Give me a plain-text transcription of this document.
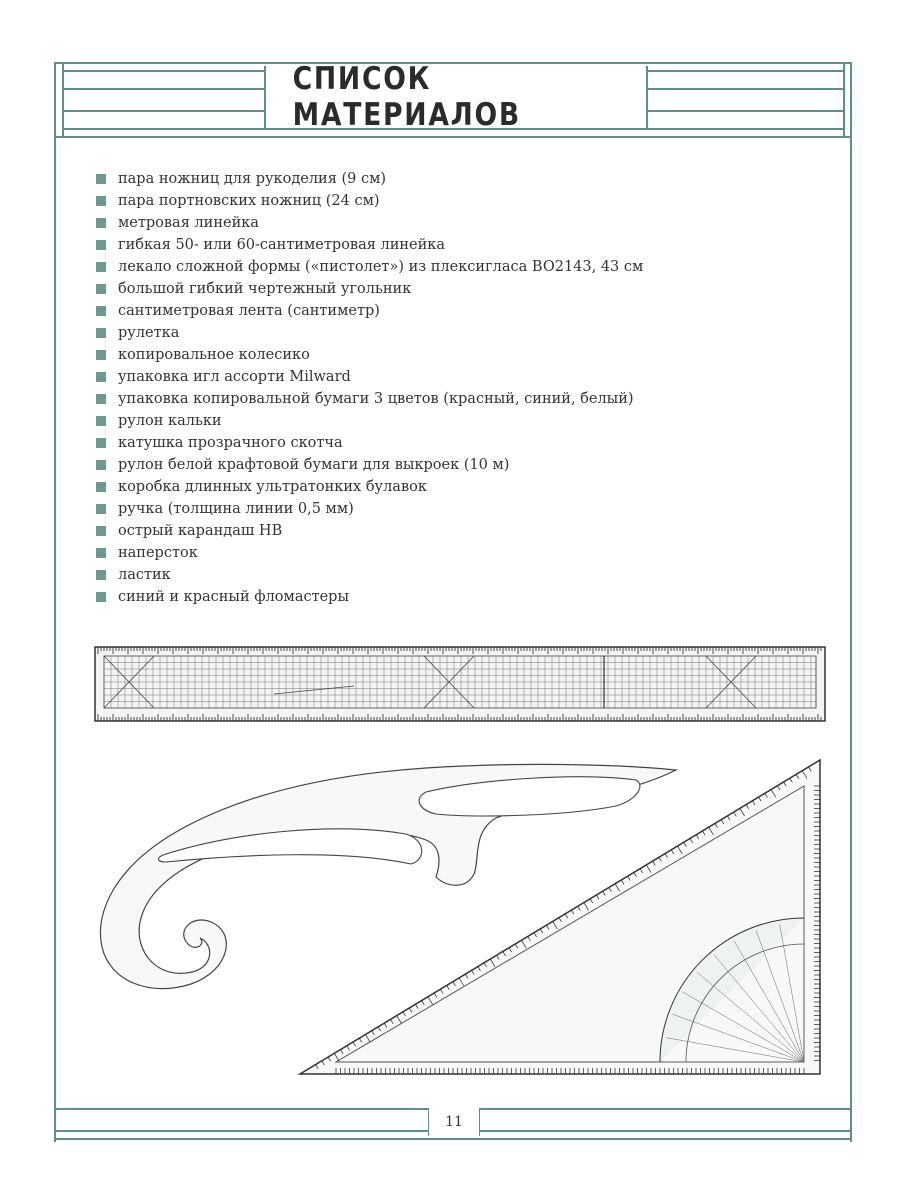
СПИСОК МАТЕРИАЛОВ
пара ножниц для рукоделия (9 см)
пара портновских ножниц (24 см)
метровая линейка
гибкая 50- или 60-сантиметровая линейка
лекало сложной формы («пистолет») из плексигласа BO2143, 43 см
большой гибкий чертежный угольник
сантиметровая лента (сантиметр)
рулетка
копировальное колесико
упаковка игл ассорти Milward
упаковка копировальной бумаги 3 цветов (красный, синий, белый)
рулон кальки
катушка прозрачного скотча
рулон белой крафтовой бумаги для выкроек (10 м)
коробка длинных ультратонких булавок
ручка (толщина линии 0,5 мм)
острый карандаш HB
наперсток
ластик
синий и красный фломастеры
11
